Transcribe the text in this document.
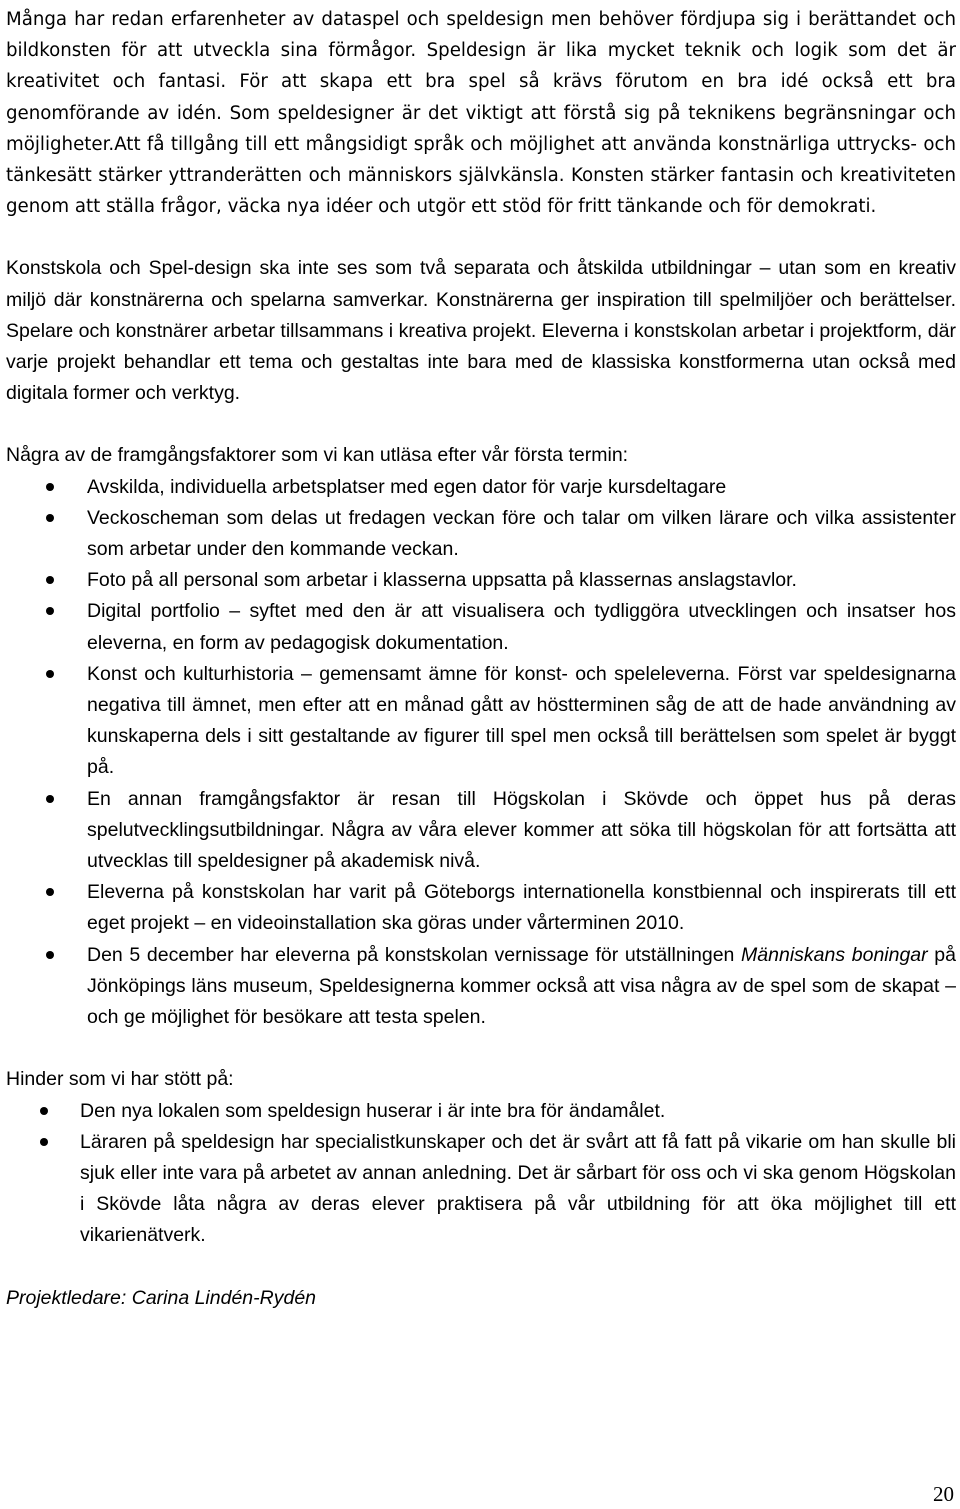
Många har redan erfarenheter av dataspel och speldesign men behöver fördjupa sig i berättandet och bildkonsten för att utveckla sina förmågor. Speldesign är lika mycket teknik och logik som det är kreativitet och fantasi. För att skapa ett bra spel så krävs förutom en bra idé också ett bra genomförande av idén. Som speldesigner är det viktigt att förstå sig på teknikens begränsningar och möjligheter.Att få tillgång till ett mångsidigt språk och möjlighet att använda konstnärliga uttrycks- och tänkesätt stärker yttranderätten och människors självkänsla. Konsten stärker fantasin och kreativiteten genom att ställa frågor, väcka nya idéer och utgör ett stöd för fritt tänkande och för demokrati.

Konstskola och Spel-design ska inte ses som två separata och åtskilda utbildningar – utan som en kreativ miljö där konstnärerna och spelarna samverkar. Konstnärerna ger inspiration till spelmiljöer och berättelser. Spelare och konstnärer arbetar tillsammans i kreativa projekt. Eleverna i konstskolan arbetar i projektform, där varje projekt behandlar ett tema och gestaltas inte bara med de klassiska konstformerna utan också med digitala former och verktyg.

Några av de framgångsfaktorer som vi kan utläsa efter vår första termin:

Avskilda, individuella arbetsplatser med egen dator för varje kursdeltagare
Veckoscheman som delas ut fredagen veckan före och talar om vilken lärare och vilka assistenter som arbetar under den kommande veckan.
Foto på all personal som arbetar i klasserna uppsatta på klassernas anslagstavlor.
Digital portfolio – syftet med den är att visualisera och tydliggöra utvecklingen och insatser hos eleverna, en form av pedagogisk dokumentation.
Konst och kulturhistoria – gemensamt ämne för konst- och speleleverna. Först var speldesignarna negativa till ämnet, men efter att en månad gått av höstterminen såg de att de hade användning av kunskaperna dels i sitt gestaltande av figurer till spel men också till berättelsen som spelet är byggt på.
En annan framgångsfaktor är resan till Högskolan i Skövde och öppet hus på deras spelutvecklingsutbildningar. Några av våra elever kommer att söka till högskolan för att fortsätta att utvecklas till speldesigner på akademisk nivå.
Eleverna på konstskolan har varit på Göteborgs internationella konstbiennal och inspirerats till ett eget projekt – en videoinstallation ska göras under vårterminen 2010.
Den 5 december har eleverna på konstskolan vernissage för utställningen Människans boningar på Jönköpings läns museum, Speldesignerna kommer också att visa några av de spel som de skapat – och ge möjlighet för besökare att testa spelen.

Hinder som vi har stött på:

Den nya lokalen som speldesign huserar i är inte bra för ändamålet.
Läraren på speldesign har specialistkunskaper och det är svårt att få fatt på vikarie om han skulle bli sjuk eller inte vara på arbetet av annan anledning. Det är sårbart för oss och vi ska genom Högskolan i Skövde låta några av deras elever praktisera på vår utbildning för att öka möjlighet till ett vikarienätverk.

Projektledare: Carina Lindén-Rydén

20
